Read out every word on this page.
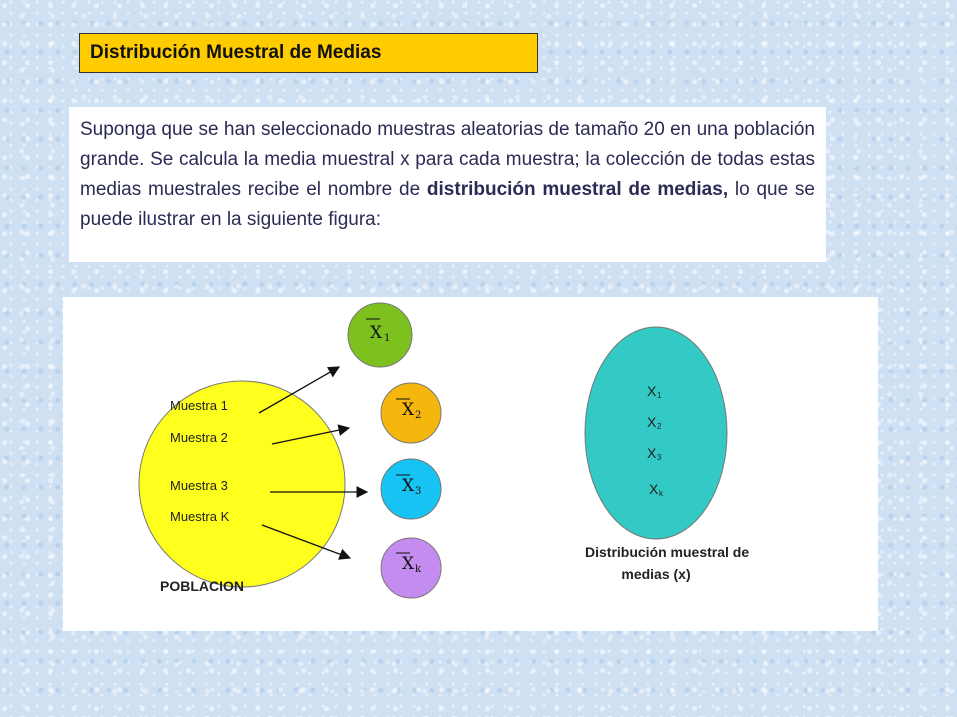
Distribución Muestral de Medias
Suponga que se han seleccionado muestras aleatorias de tamaño 20 en una población grande. Se calcula la media muestral x para cada muestra; la colección de todas estas medias muestrales recibe el nombre de distribución muestral de medias, lo que se puede ilustrar en la siguiente figura:
Muestra 1
Muestra 2
Muestra 3
Muestra K
POBLACION
X 1
X 2
X 3
X k
X 1
X 2
X 3
X k
Distribución muestral de
medias (x)
